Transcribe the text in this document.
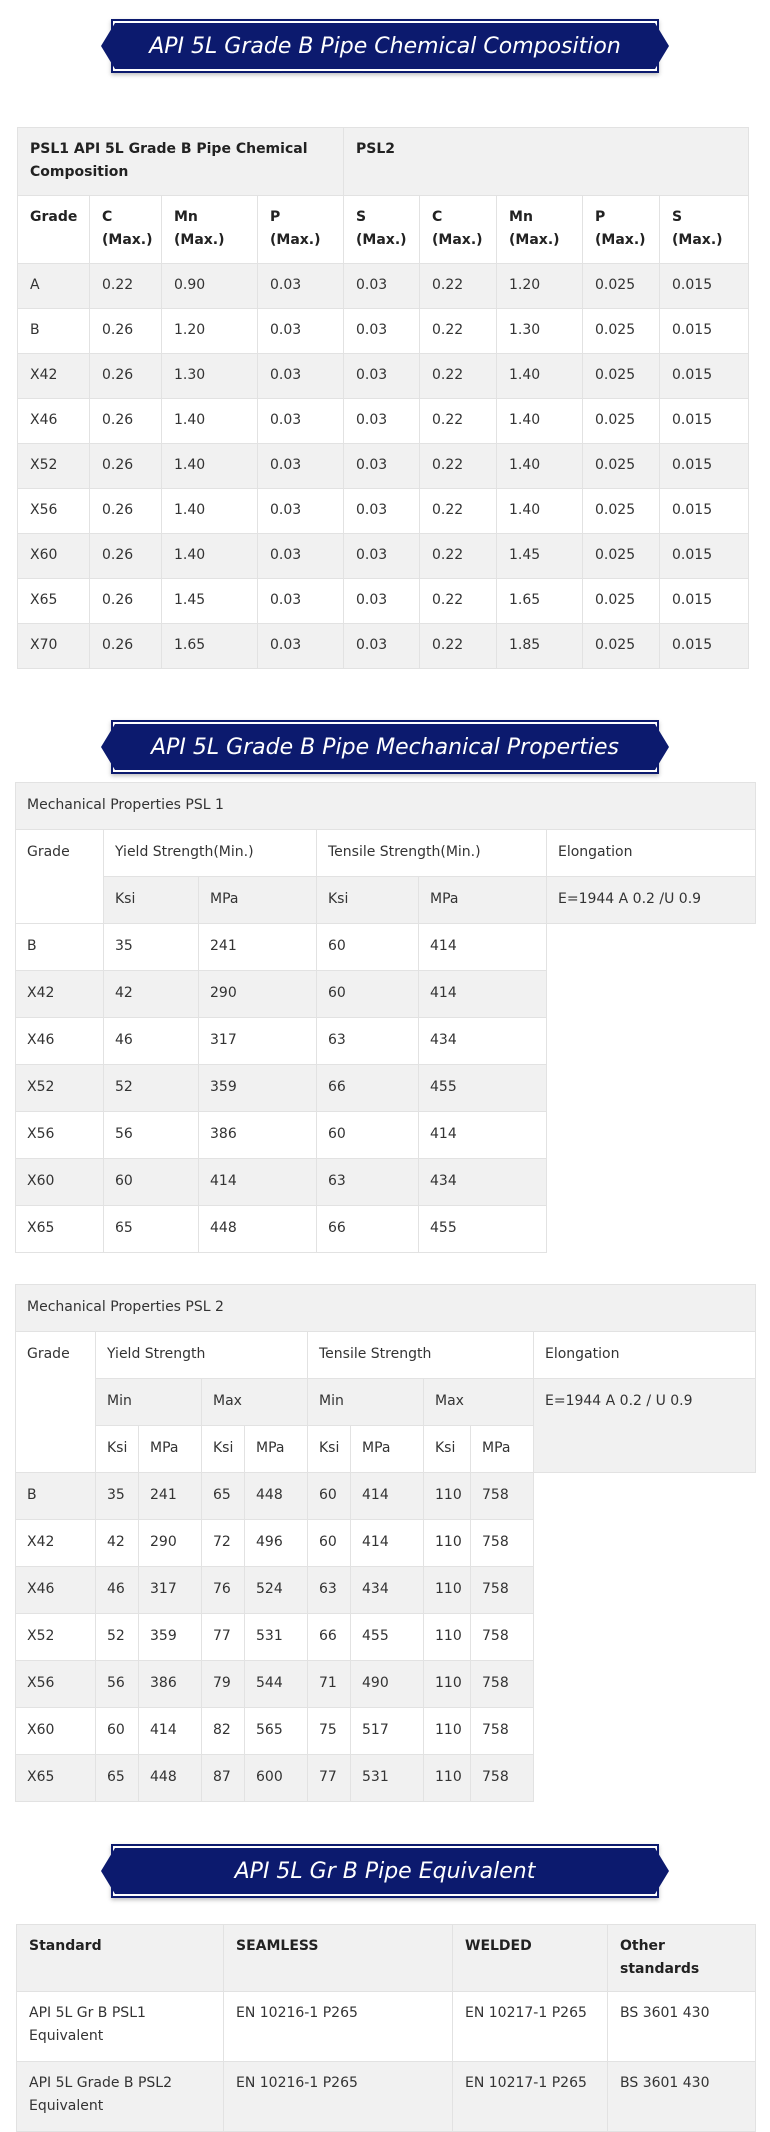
API 5L Grade B Pipe Chemical Composition
PSL1 API 5L Grade B Pipe Chemical Composition				PSL2				
Grade	C (Max.)	Mn (Max.)	P (Max.)	S (Max.)	C (Max.)	Mn (Max.)	P (Max.)	S (Max.)
A	0.22	0.90	0.03	0.03	0.22	1.20	0.025	0.015
B	0.26	1.20	0.03	0.03	0.22	1.30	0.025	0.015
X42	0.26	1.30	0.03	0.03	0.22	1.40	0.025	0.015
X46	0.26	1.40	0.03	0.03	0.22	1.40	0.025	0.015
X52	0.26	1.40	0.03	0.03	0.22	1.40	0.025	0.015
X56	0.26	1.40	0.03	0.03	0.22	1.40	0.025	0.015
X60	0.26	1.40	0.03	0.03	0.22	1.45	0.025	0.015
X65	0.26	1.45	0.03	0.03	0.22	1.65	0.025	0.015
X70	0.26	1.65	0.03	0.03	0.22	1.85	0.025	0.015
API 5L Grade B Pipe Mechanical Properties
Mechanical Properties PSL 1					
Grade	Yield Strength(Min.)		Tensile Strength(Min.)		Elongation
	Ksi	MPa	Ksi	MPa	E=1944 A 0.2 /U 0.9
B	35	241	60	414	
X42	42	290	60	414	
X46	46	317	63	434	
X52	52	359	66	455	
X56	56	386	60	414	
X60	60	414	63	434	
X65	65	448	66	455	
Mechanical Properties PSL 2									
Grade	Yield Strength				Tensile Strength				Elongation
	Min		Max		Min		Max		E=1944 A 0.2 / U 0.9
	Ksi	MPa	Ksi	MPa	Ksi	MPa	Ksi	MPa	
B	35	241	65	448	60	414	110	758	
X42	42	290	72	496	60	414	110	758	
X46	46	317	76	524	63	434	110	758	
X52	52	359	77	531	66	455	110	758	
X56	56	386	79	544	71	490	110	758	
X60	60	414	82	565	75	517	110	758	
X65	65	448	87	600	77	531	110	758	
API 5L Gr B Pipe Equivalent
Standard	SEAMLESS	WELDED	Other standards
API 5L Gr B PSL1 Equivalent	EN 10216-1 P265	EN 10217-1 P265	BS 3601 430
API 5L Grade B PSL2 Equivalent	EN 10216-1 P265	EN 10217-1 P265	BS 3601 430
